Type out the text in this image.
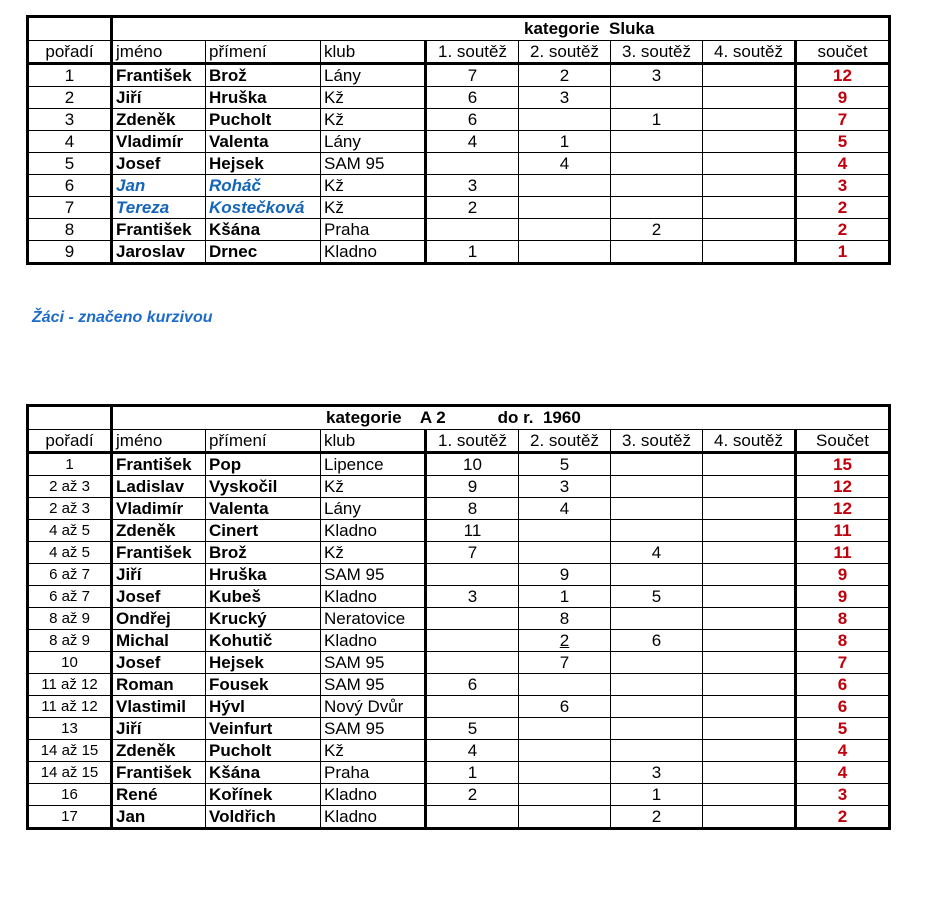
	kategorie  Sluka							
pořadí	jméno	přímení	klub	1. soutěž	2. soutěž	3. soutěž	4. soutěž	součet
1	František	Brož	Lány	7	2	3		12
2	Jiří	Hruška	Kž	6	3			9
3	Zdeněk	Pucholt	Kž	6		1		7
4	Vladimír	Valenta	Lány	4	1			5
5	Josef	Hejsek	SAM 95		4			4
6	Jan	Roháč	Kž	3				3
7	Tereza	Kostečková	Kž	2				2
8	František	Kšána	Praha			2		2
9	Jaroslav	Drnec	Kladno	1				1
Žáci - značeno kurzivou
	kategorie    A 2           do r.  1960							
pořadí	jméno	přímení	klub	1. soutěž	2. soutěž	3. soutěž	4. soutěž	Součet
1	František	Pop	Lipence	10	5			15
2 až 3	Ladislav	Vyskočil	Kž	9	3			12
2 až 3	Vladimír	Valenta	Lány	8	4			12
4 až 5	Zdeněk	Cinert	Kladno	11				11
4 až 5	František	Brož	Kž	7		4		11
6 až 7	Jiří	Hruška	SAM 95		9			9
6 až 7	Josef	Kubeš	Kladno	3	1	5		9
8 až 9	Ondřej	Krucký	Neratovice		8			8
8 až 9	Michal	Kohutič	Kladno		2	6		8
10	Josef	Hejsek	SAM 95		7			7
11 až 12	Roman	Fousek	SAM 95	6				6
11 až 12	Vlastimil	Hývl	Nový Dvůr		6			6
13	Jiří	Veinfurt	SAM 95	5				5
14 až 15	Zdeněk	Pucholt	Kž	4				4
14 až 15	František	Kšána	Praha	1		3		4
16	René	Kořínek	Kladno	2		1		3
17	Jan	Voldřich	Kladno			2		2
